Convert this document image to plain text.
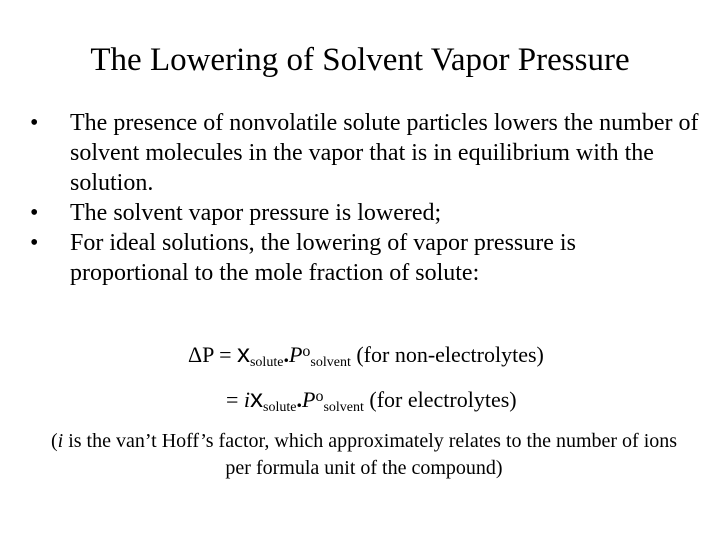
The Lowering of Solvent Vapor Pressure
•	The presence of nonvolatile solute particles lowers the number of solvent molecules in the vapor that is in equilibrium with the solution.
•	The solvent vapor pressure is lowered;
•	For ideal solutions, the lowering of vapor pressure is proportional to the mole fraction of solute:
$\Delta P = x_{solute}.P^o_{solvent}$ (for non-electrolytes)
= $ix_{solute}.P^o_{solvent}$ (for electrolytes)
(i is the van’t Hoff’s factor, which approximately relates to the number of ions per formula unit of the compound)
